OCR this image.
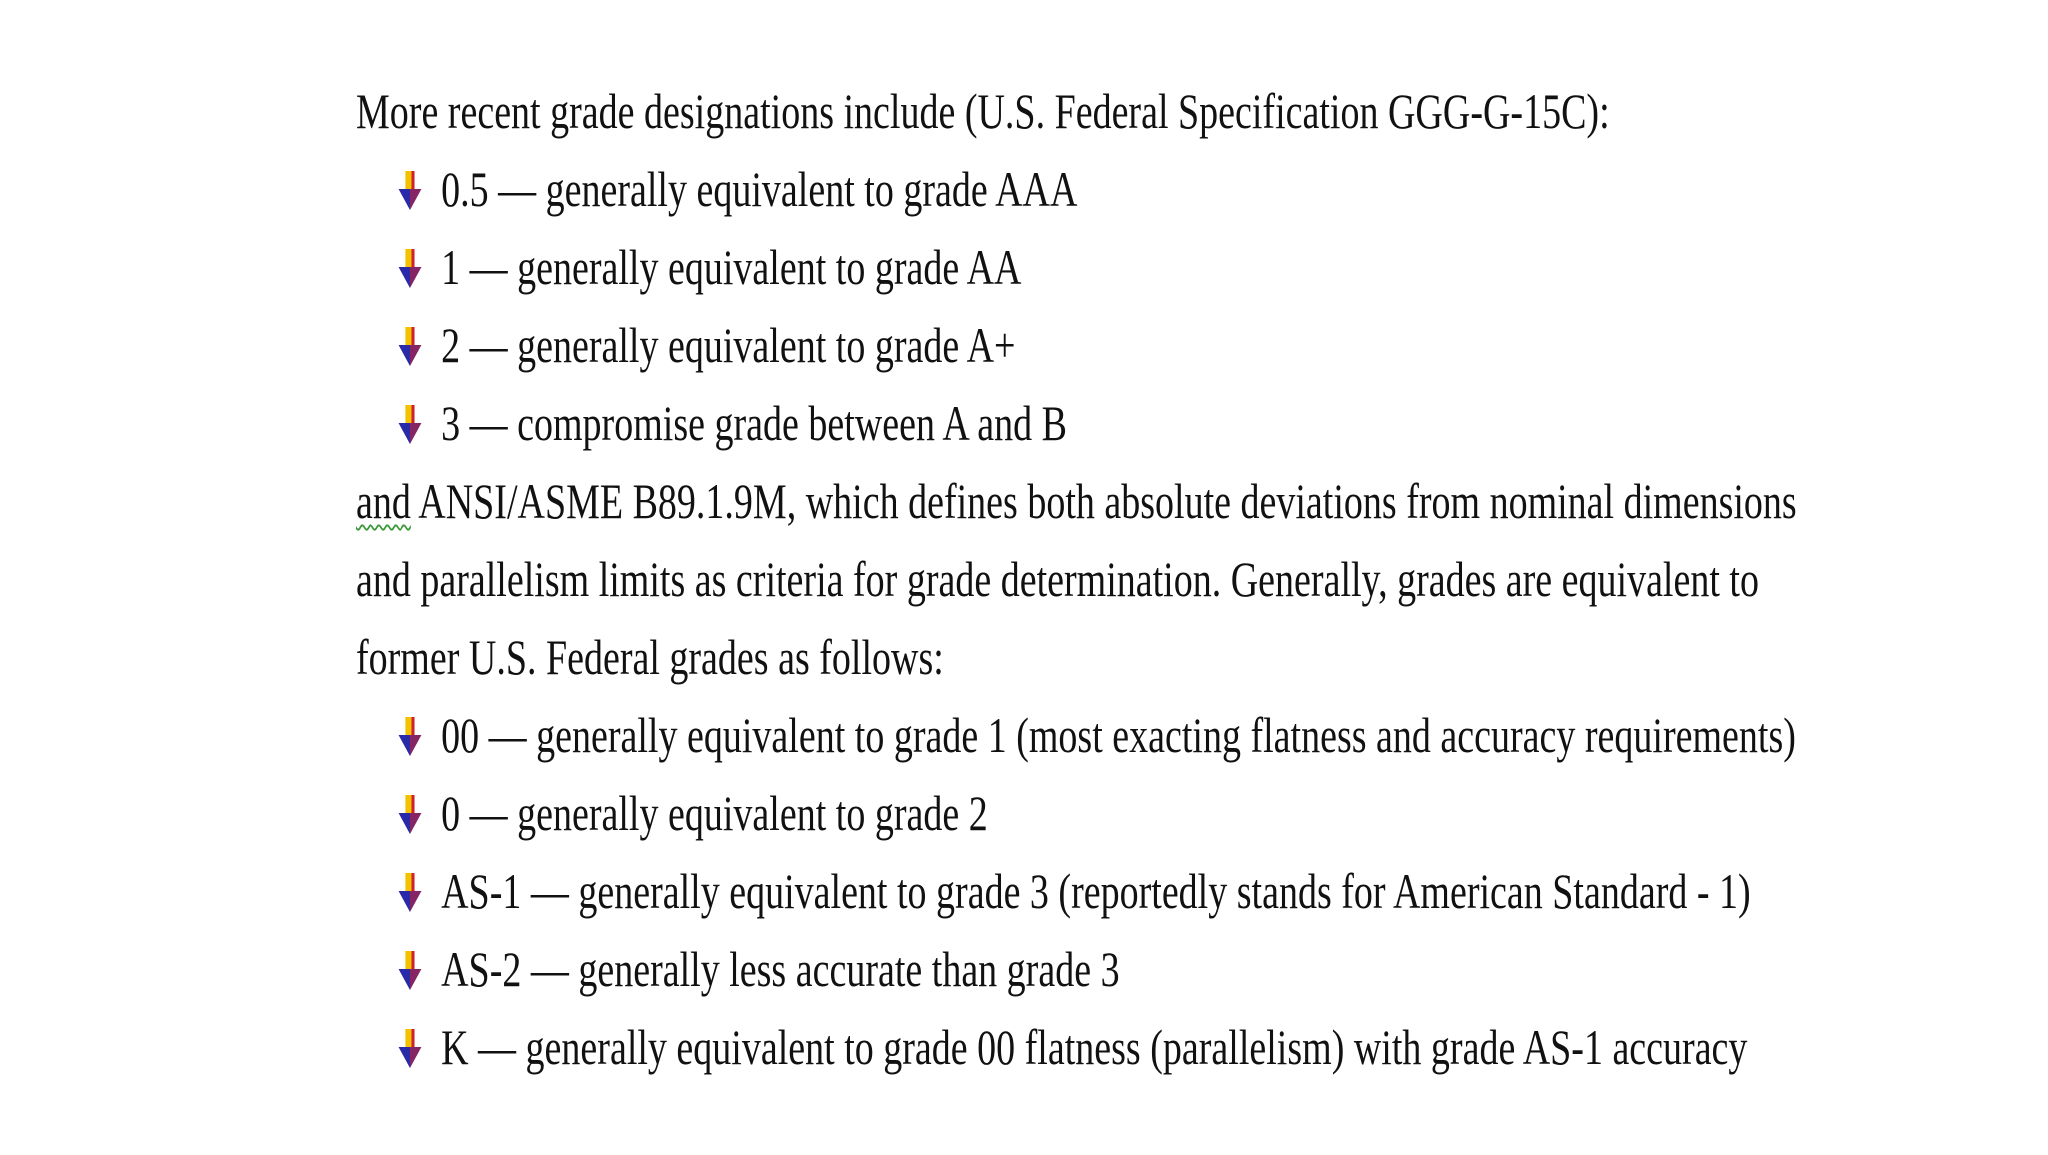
More recent grade designations include (U.S. Federal Specification GGG-G-15C):

0.5 — generally equivalent to grade AAA
1 — generally equivalent to grade AA
2 — generally equivalent to grade A+
3 — compromise grade between A and B

and ANSI/ASME B89.1.9M, which defines both absolute deviations from nominal dimensions

and parallelism limits as criteria for grade determination. Generally, grades are equivalent to

former U.S. Federal grades as follows:

00 — generally equivalent to grade 1 (most exacting flatness and accuracy requirements)
0 — generally equivalent to grade 2
AS-1 — generally equivalent to grade 3 (reportedly stands for American Standard - 1)
AS-2 — generally less accurate than grade 3
K — generally equivalent to grade 00 flatness (parallelism) with grade AS-1 accuracy
